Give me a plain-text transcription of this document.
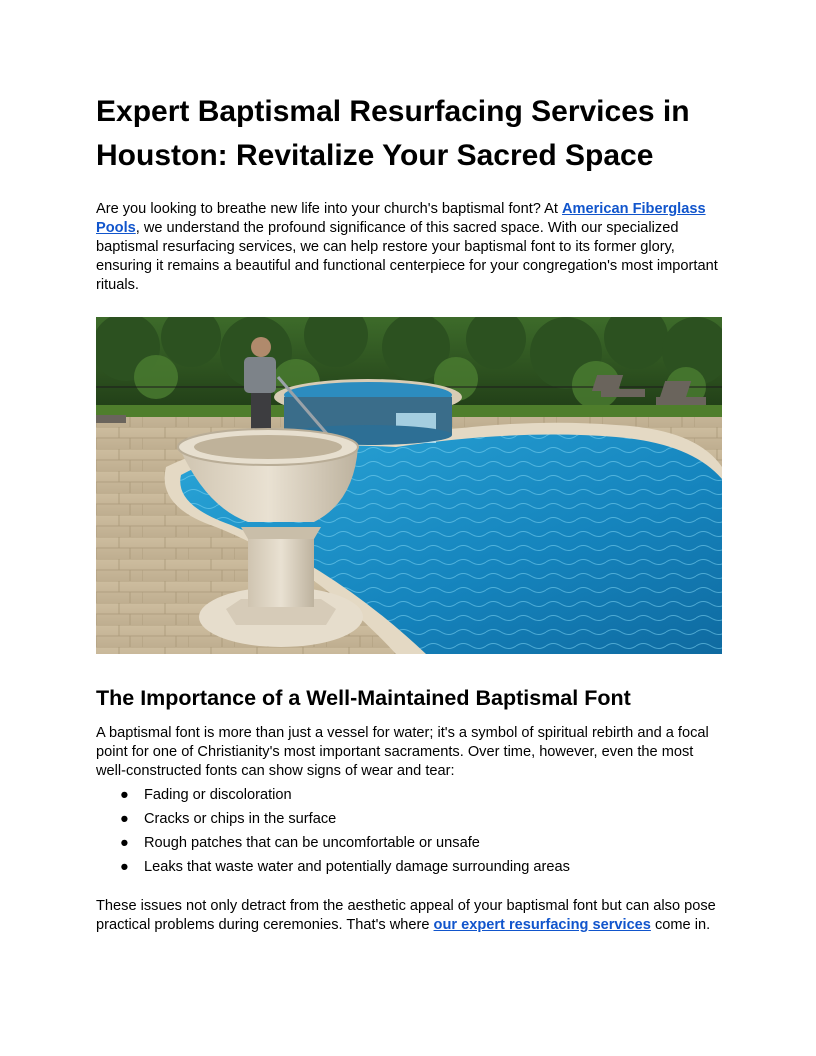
Expert Baptismal Resurfacing Services in Houston: Revitalize Your Sacred Space

Are you looking to breathe new life into your church's baptismal font? At American Fiberglass Pools, we understand the profound significance of this sacred space. With our specialized baptismal resurfacing services, we can help restore your baptismal font to its former glory, ensuring it remains a beautiful and functional centerpiece for your congregation's most important rituals.

The Importance of a Well-Maintained Baptismal Font

A baptismal font is more than just a vessel for water; it's a symbol of spiritual rebirth and a focal point for one of Christianity's most important sacraments. Over time, however, even the most well-constructed fonts can show signs of wear and tear:

● Fading or discoloration
● Cracks or chips in the surface
● Rough patches that can be uncomfortable or unsafe
● Leaks that waste water and potentially damage surrounding areas

These issues not only detract from the aesthetic appeal of your baptismal font but can also pose practical problems during ceremonies. That's where our expert resurfacing services come in.
